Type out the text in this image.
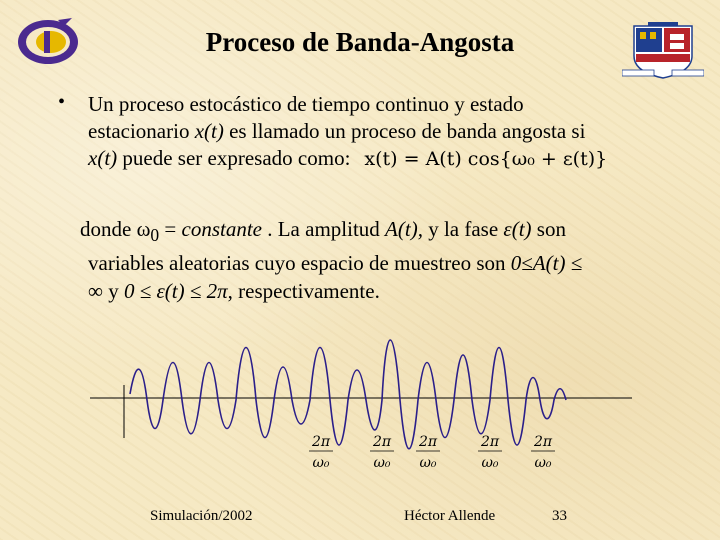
Proceso de Banda-Angosta
• Un proceso estocástico de tiempo continuo y estado
estacionario x(t) es llamado un proceso de banda angosta si
x(t) puede ser expresado como: x(t) = A(t) cos{ω₀ + ε(t)}
donde $\omega_0$ = constante . La amplitud A(t), y la fase ε(t) son
variables aleatorias cuyo espacio de muestreo son 0≤A(t) ≤ ∞ y 0 ≤ ε(t) ≤ 2π, respectivamente.
2π
ω₀
2π
ω₀
2π
ω₀
2π
ω₀
2π
ω₀
Simulación/2002	Héctor Allende	33
